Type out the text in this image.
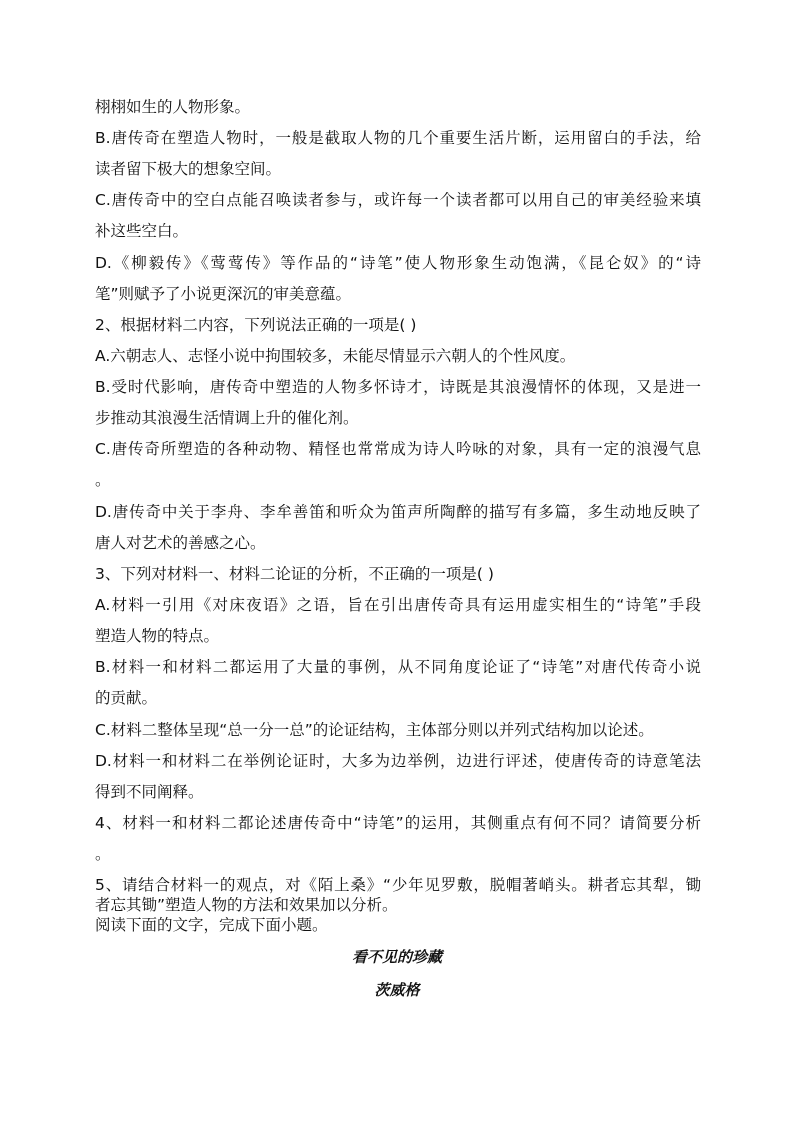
栩栩如生的人物形象。
B.唐传奇在塑造人物时，一般是截取人物的几个重要生活片断，运用留白的手法，给
读者留下极大的想象空间。
C.唐传奇中的空白点能召唤读者参与，或许每一个读者都可以用自己的审美经验来填
补这些空白。
D.《柳毅传》《莺莺传》等作品的“诗笔”使人物形象生动饱满，《昆仑奴》的“诗
笔”则赋予了小说更深沉的审美意蕴。
2、根据材料二内容，下列说法正确的一项是( )
A.六朝志人、志怪小说中拘围较多，未能尽情显示六朝人的个性风度。
B.受时代影响，唐传奇中塑造的人物多怀诗才，诗既是其浪漫情怀的体现，又是进一
步推动其浪漫生活情调上升的催化剂。
C.唐传奇所塑造的各种动物、精怪也常常成为诗人吟咏的对象，具有一定的浪漫气息
。
D.唐传奇中关于李舟、李牟善笛和听众为笛声所陶醉的描写有多篇，多生动地反映了
唐人对艺术的善感之心。
3、下列对材料一、材料二论证的分析，不正确的一项是( )
A.材料一引用《对床夜语》之语，旨在引出唐传奇具有运用虚实相生的“诗笔”手段
塑造人物的特点。
B.材料一和材料二都运用了大量的事例，从不同角度论证了“诗笔”对唐代传奇小说
的贡献。
C.材料二整体呈现“总一分一总”的论证结构，主体部分则以并列式结构加以论述。
D.材料一和材料二在举例论证时，大多为边举例，边进行评述，使唐传奇的诗意笔法
得到不同阐释。
4、材料一和材料二都论述唐传奇中“诗笔”的运用，其侧重点有何不同？请简要分析
。
5、请结合材料一的观点，对《陌上桑》“少年见罗敷，脱帽著峭头。耕者忘其犁，锄
者忘其锄”塑造人物的方法和效果加以分析。
阅读下面的文字，完成下面小题。
看不见的珍藏
茨威格
